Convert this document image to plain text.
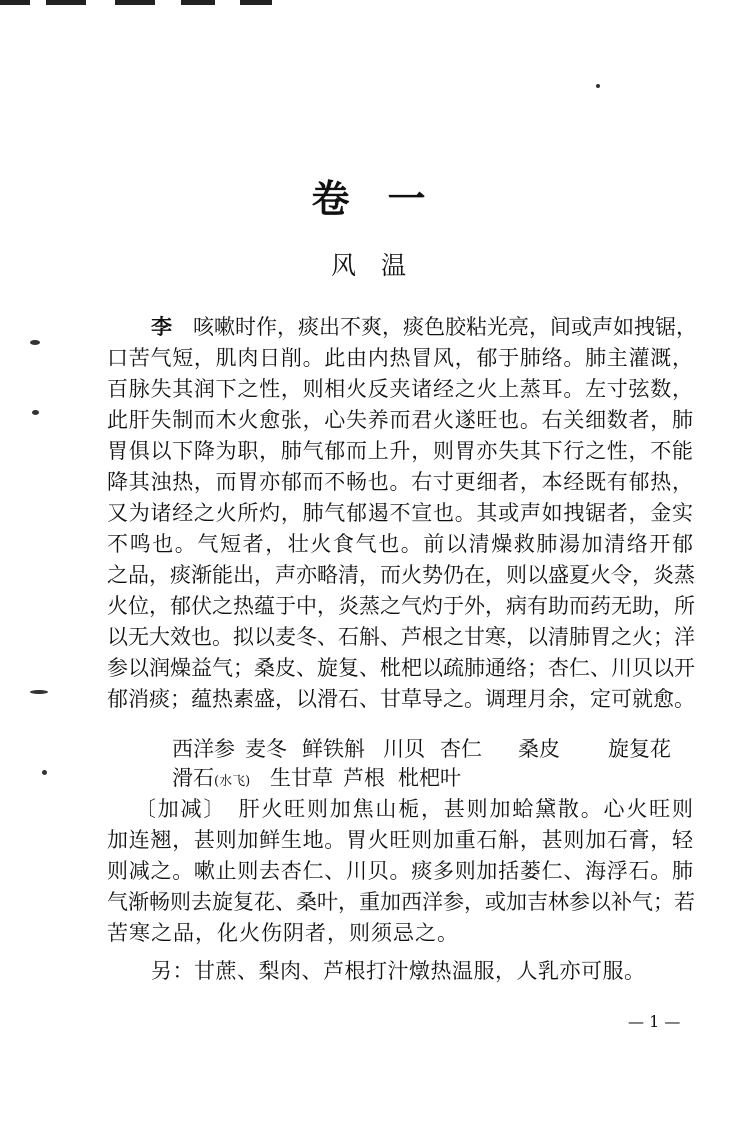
卷　一
风　温
李　 咳嗽时作，痰出不爽，痰色胶粘光亮，间或声如拽锯，
口苦气短，肌肉日削。此由内热冒风，郁于肺络。肺主灌溉，
百脉失其润下之性，则相火反夹诸经之火上蒸耳。左寸弦数，
此肝失制而木火愈张，心失养而君火遂旺也。右关细数者，肺
胃俱以下降为职，肺气郁而上升，则胃亦失其下行之性，不能
降其浊热，而胃亦郁而不畅也。右寸更细者，本经既有郁热，
又为诸经之火所灼，肺气郁遏不宣也。其或声如拽锯者，金实
不鸣也。气短者，壮火食气也。前以清燥救肺湯加清络开郁
之品，痰渐能出，声亦略清，而火势仍在，则以盛夏火令，炎蒸
火位，郁伏之热蕴于中，炎蒸之气灼于外，病有助而药无助，所
以无大效也。拟以麦冬、石斛、芦根之甘寒，以清肺胃之火；洋
参以润燥益气；桑皮、旋复、枇杷以疏肺通络；杏仁、川贝以开
郁消痰；蕴热素盛，以滑石、甘草导之。调理月余，定可就愈。
西洋参 麦冬 鲜铁斛 川贝 杏仁 桑皮 旋复花
滑石(水飞) 生甘草 芦根 枇杷叶
〔加减〕　 肝火旺则加焦山栀，甚则加蛤黛散。心火旺则
加连翘，甚则加鲜生地。胃火旺则加重石斛，甚则加石膏，轻
则减之。嗽止则去杏仁、川贝。痰多则加括蒌仁、海浮石。肺
气渐畅则去旋复花、桑叶，重加西洋参，或加吉林参以补气；若
苦寒之品，化火伤阴者，则须忌之。
另：甘蔗、梨肉、芦根打汁燉热温服，人乳亦可服。
— 1 —
